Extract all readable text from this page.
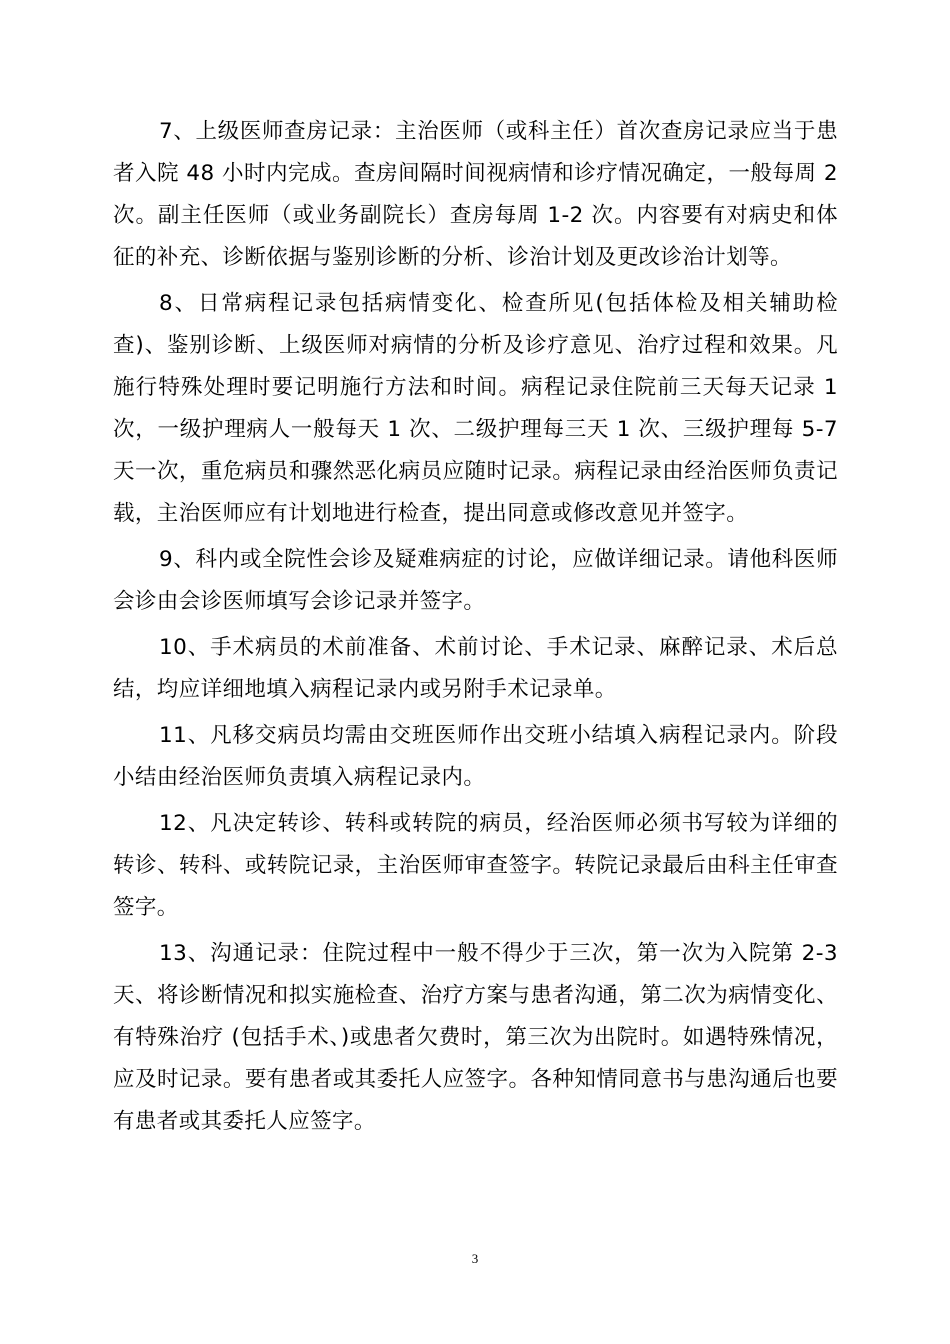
7、上级医师查房记录：主治医师（或科主任）首次查房记录应当于患者入院 48 小时内完成。查房间隔时间视病情和诊疗情况确定，一般每周 2 次。副主任医师（或业务副院长）查房每周 1-2 次。内容要有对病史和体征的补充、诊断依据与鉴别诊断的分析、诊治计划及更改诊治计划等。

8、日常病程记录包括病情变化、检查所见(包括体检及相关辅助检查)、鉴别诊断、上级医师对病情的分析及诊疗意见、治疗过程和效果。凡施行特殊处理时要记明施行方法和时间。病程记录住院前三天每天记录 1 次，一级护理病人一般每天 1 次、二级护理每三天 1 次、三级护理每 5-7 天一次，重危病员和骤然恶化病员应随时记录。病程记录由经治医师负责记载，主治医师应有计划地进行检查，提出同意或修改意见并签字。

9、科内或全院性会诊及疑难病症的讨论，应做详细记录。请他科医师会诊由会诊医师填写会诊记录并签字。

10、手术病员的术前准备、术前讨论、手术记录、麻醉记录、术后总结，均应详细地填入病程记录内或另附手术记录单。

11、凡移交病员均需由交班医师作出交班小结填入病程记录内。阶段小结由经治医师负责填入病程记录内。

12、凡决定转诊、转科或转院的病员，经治医师必须书写较为详细的转诊、转科、或转院记录，主治医师审查签字。转院记录最后由科主任审查签字。

13、沟通记录：住院过程中一般不得少于三次，第一次为入院第 2-3 天、将诊断情况和拟实施检查、治疗方案与患者沟通，第二次为病情变化、有特殊治疗 (包括手术、)或患者欠费时，第三次为出院时。如遇特殊情况，应及时记录。要有患者或其委托人应签字。各种知情同意书与患沟通后也要有患者或其委托人应签字。

3
